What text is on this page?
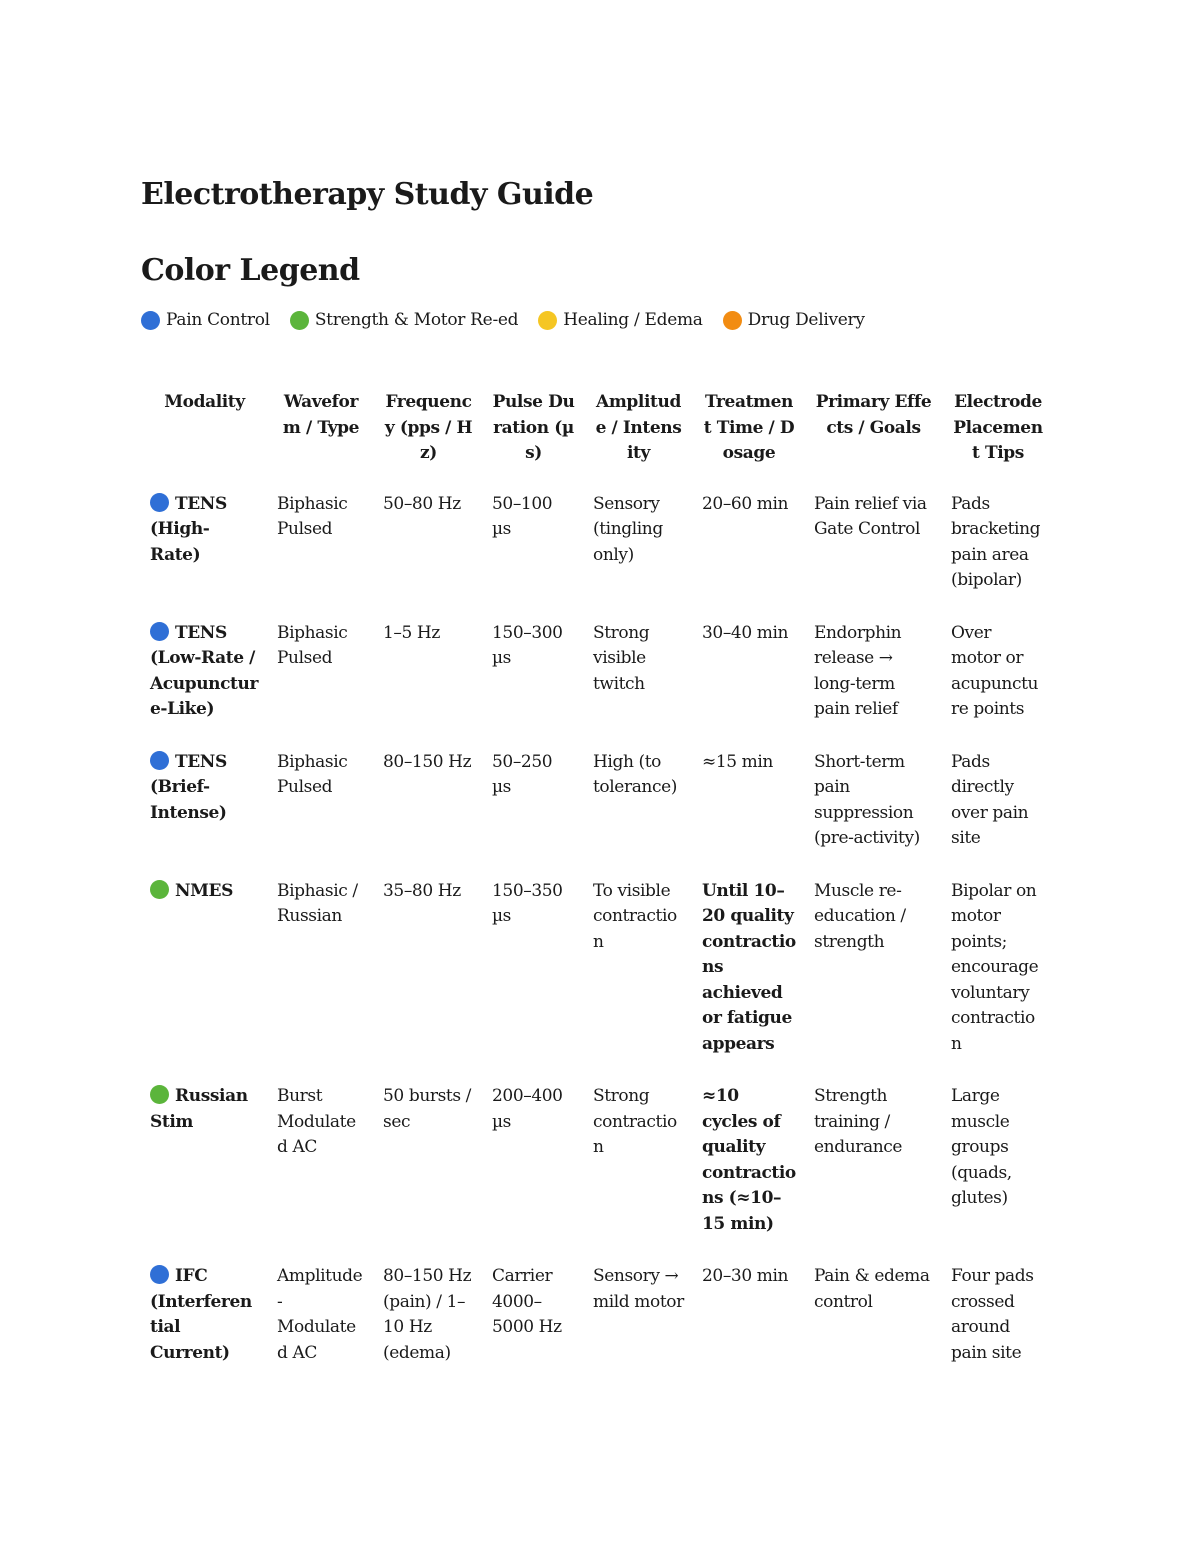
Electrotherapy Study Guide
Color Legend
Pain Control	Strength & Motor Re-ed	Healing / Edema	Drug Delivery
Modality	Waveform / Type	Frequency (pps / Hz)	Pulse Duration (µs)	Amplitude / Intensity	Treatment Time / Dosage	Primary Effects / Goals	Electrode Placement Tips
TENS (High-Rate)	Biphasic Pulsed	50–80 Hz	50–100 µs	Sensory (tingling only)	20–60 min	Pain relief via Gate Control	Pads bracketing pain area (bipolar)
TENS (Low-Rate / Acupuncture-Like)	Biphasic Pulsed	1–5 Hz	150–300 µs	Strong visible twitch	30–40 min	Endorphin release → long-term pain relief	Over motor or acupuncture points
TENS (Brief-Intense)	Biphasic Pulsed	80–150 Hz	50–250 µs	High (to tolerance)	≈15 min	Short-term pain suppression (pre-activity)	Pads directly over pain site
NMES	Biphasic / Russian	35–80 Hz	150–350 µs	To visible contraction	Until 10–20 quality contractions achieved or fatigue appears	Muscle re-education / strength	Bipolar on motor points; encourage voluntary contraction
Russian Stim	Burst Modulated AC	50 bursts / sec	200–400 µs	Strong contraction	≈10 cycles of quality contractions (≈10–15 min)	Strength training / endurance	Large muscle groups (quads, glutes)
IFC (Interferential Current)	Amplitude-Modulated AC	80–150 Hz (pain) / 1–10 Hz (edema)	Carrier 4000–5000 Hz	Sensory → mild motor	20–30 min	Pain & edema control	Four pads crossed around pain site
